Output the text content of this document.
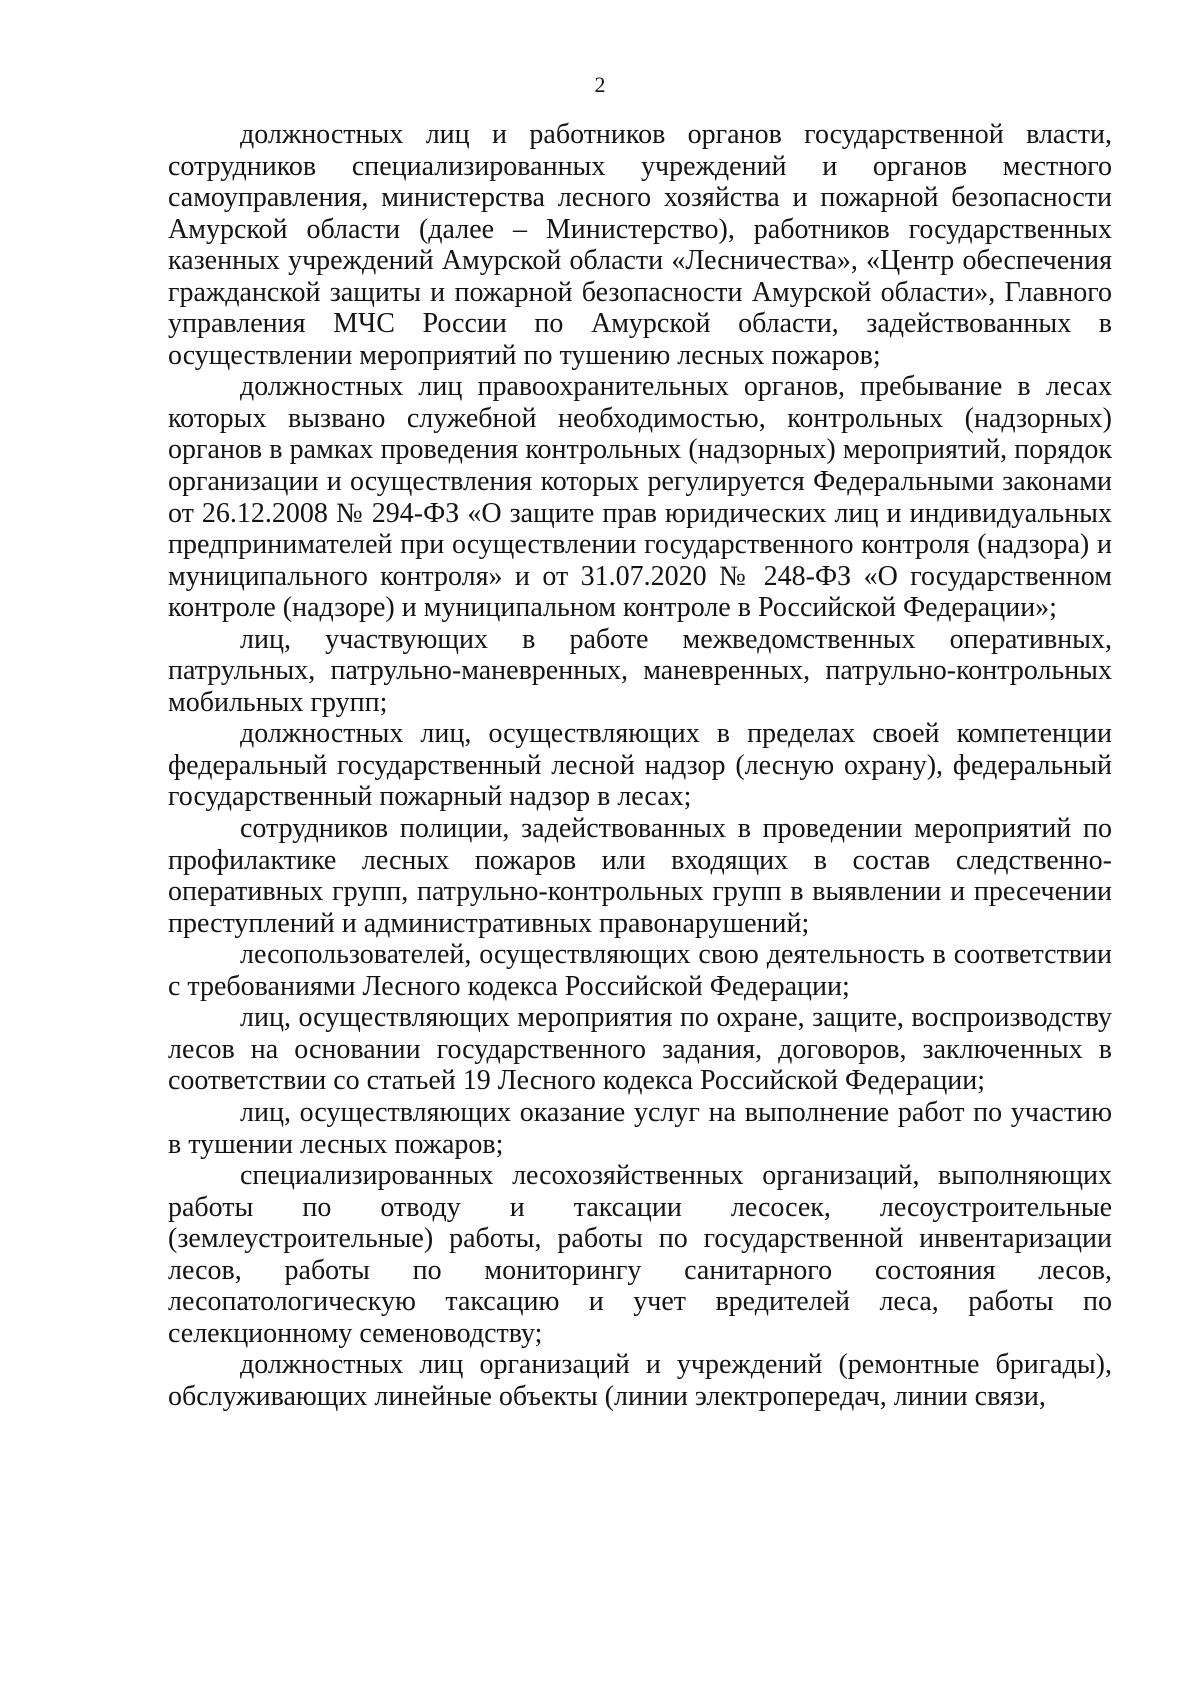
2

должностных лиц и работников органов государственной власти, сотрудников специализированных учреждений и органов местного самоуправления, министерства лесного хозяйства и пожарной безопасности Амурской области (далее – Министерство), работников государственных казенных учреждений Амурской области «Лесничества», «Центр обеспечения гражданской защиты и пожарной безопасности Амурской области», Главного управления МЧС России по Амурской области, задействованных в осуществлении мероприятий по тушению лесных пожаров;

должностных лиц правоохранительных органов, пребывание в лесах которых вызвано служебной необходимостью, контрольных (надзорных) органов в рамках проведения контрольных (надзорных) мероприятий, порядок организации и осуществления которых регулируется Федеральными законами от 26.12.2008 № 294-ФЗ «О защите прав юридических лиц и индивидуальных предпринимателей при осуществлении государственного контроля (надзора) и муниципального контроля» и от 31.07.2020 № 248-ФЗ «О государственном контроле (надзоре) и муниципальном контроле в Российской Федерации»;

лиц, участвующих в работе межведомственных оперативных, патрульных, патрульно-маневренных, маневренных, патрульно-контрольных мобильных групп;

должностных лиц, осуществляющих в пределах своей компетенции федеральный государственный лесной надзор (лесную охрану), федеральный государственный пожарный надзор в лесах;

сотрудников полиции, задействованных в проведении мероприятий по профилактике лесных пожаров или входящих в состав следственно-оперативных групп, патрульно-контрольных групп в выявлении и пресечении преступлений и административных правонарушений;

лесопользователей, осуществляющих свою деятельность в соответствии с требованиями Лесного кодекса Российской Федерации;

лиц, осуществляющих мероприятия по охране, защите, воспроизводству лесов на основании государственного задания, договоров, заключенных в соответствии со статьей 19 Лесного кодекса Российской Федерации;

лиц, осуществляющих оказание услуг на выполнение работ по участию в тушении лесных пожаров;

специализированных лесохозяйственных организаций, выполняющих работы по отводу и таксации лесосек, лесоустроительные (землеустроительные) работы, работы по государственной инвентаризации лесов, работы по мониторингу санитарного состояния лесов, лесопатологическую таксацию и учет вредителей леса, работы по селекционному семеноводству;

должностных лиц организаций и учреждений (ремонтные бригады), обслуживающих линейные объекты (линии электропередач, линии связи,
